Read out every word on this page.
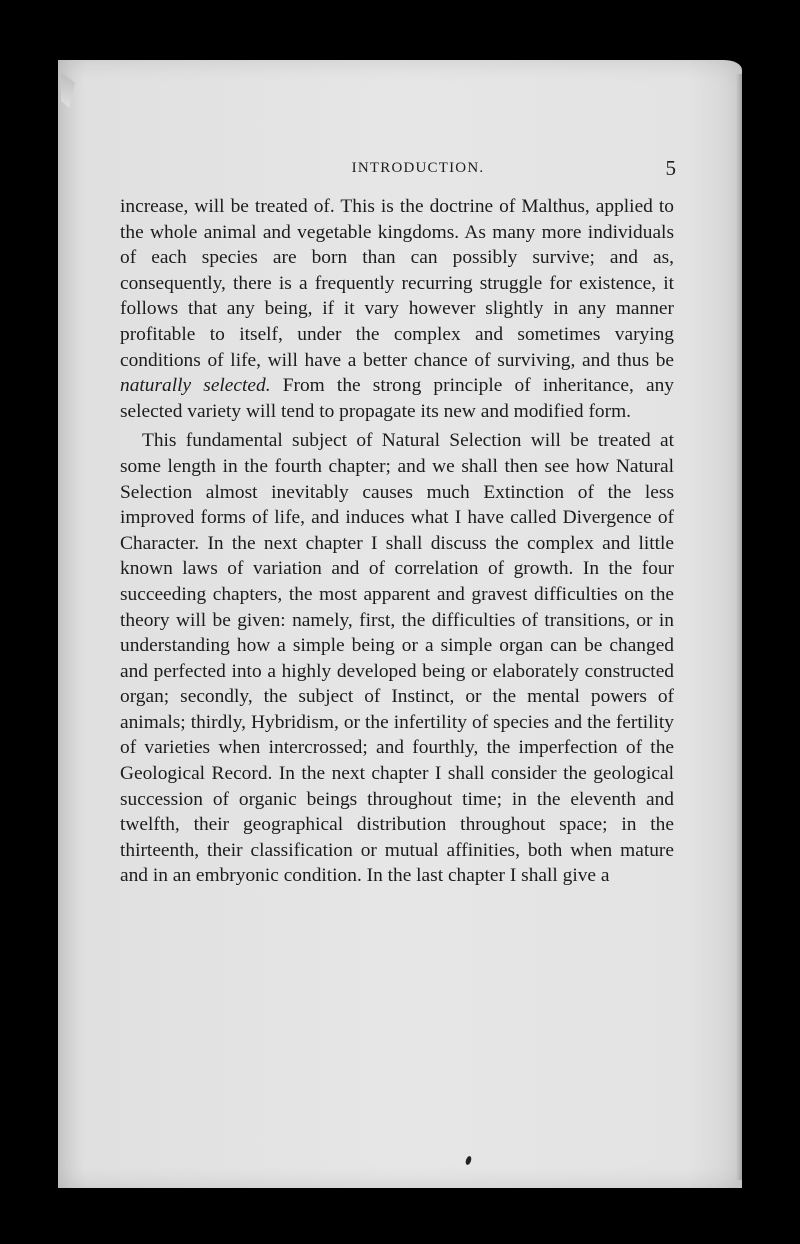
INTRODUCTION.	5

increase, will be treated of. This is the doctrine of Malthus, applied to the whole animal and vegetable kingdoms. As many more individuals of each species are born than can possibly survive; and as, consequently, there is a frequently recurring struggle for existence, it follows that any being, if it vary however slightly in any manner profitable to itself, under the complex and sometimes varying conditions of life, will have a better chance of surviving, and thus be naturally selected. From the strong principle of inheritance, any selected variety will tend to propagate its new and modified form.

This fundamental subject of Natural Selection will be treated at some length in the fourth chapter; and we shall then see how Natural Selection almost inevitably causes much Extinction of the less improved forms of life, and induces what I have called Divergence of Character. In the next chapter I shall discuss the complex and little known laws of variation and of correlation of growth. In the four succeeding chapters, the most apparent and gravest difficulties on the theory will be given: namely, first, the difficulties of transitions, or in understanding how a simple being or a simple organ can be changed and perfected into a highly developed being or elaborately constructed organ; secondly, the subject of Instinct, or the mental powers of animals; thirdly, Hybridism, or the infertility of species and the fertility of varieties when intercrossed; and fourthly, the imperfection of the Geological Record. In the next chapter I shall consider the geological succession of organic beings throughout time; in the eleventh and twelfth, their geographical distribution throughout space; in the thirteenth, their classification or mutual affinities, both when mature and in an embryonic condition. In the last chapter I shall give a
